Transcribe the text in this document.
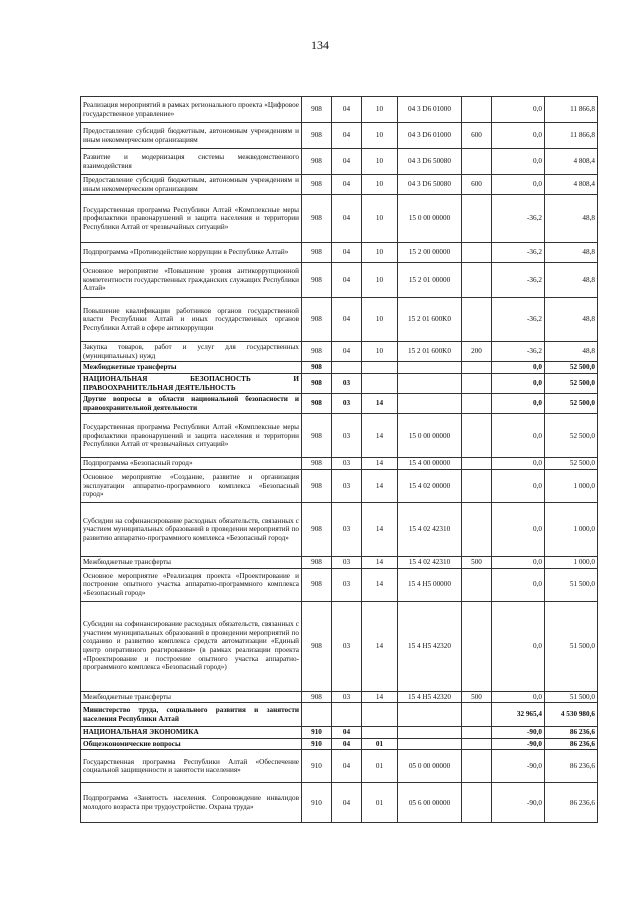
134
Реализация мероприятий в рамках регионального проекта «Цифровое государственное управление»	908	04	10	04 3 D6 01000		0,0	11 866,8
Предоставление субсидий бюджетным, автономным учреждениям и иным некоммерческим организациям	908	04	10	04 3 D6 01000	600	0,0	11 866,8
Развитие и модернизация системы межведомственного взаимодействия	908	04	10	04 3 D6 50080		0,0	4 808,4
Предоставление субсидий бюджетным, автономным учреждениям и иным некоммерческим организациям	908	04	10	04 3 D6 50080	600	0,0	4 808,4
Государственная программа Республики Алтай «Комплексные меры профилактики правонарушений и защита населения и территории Республики Алтай от чрезвычайных ситуаций»	908	04	10	15 0 00 00000		-36,2	48,8
Подпрограмма «Противодействие коррупции в Республике Алтай»	908	04	10	15 2 00 00000		-36,2	48,8
Основное мероприятие «Повышение уровня антикоррупционной компетентности государственных гражданских служащих Республики Алтай»	908	04	10	15 2 01 00000		-36,2	48,8
Повышение квалификации работников органов государственной власти Республики Алтай и иных государственных органов Республики Алтай в сфере антикоррупции	908	04	10	15 2 01 600K0		-36,2	48,8
Закупка товаров, работ и услуг для государственных (муниципальных) нужд	908	04	10	15 2 01 600K0	200	-36,2	48,8
Межбюджетные трансферты	908					0,0	52 500,0
НАЦИОНАЛЬНАЯ БЕЗОПАСНОСТЬ И ПРАВООХРАНИТЕЛЬНАЯ ДЕЯТЕЛЬНОСТЬ	908	03				0,0	52 500,0
Другие вопросы в области национальной безопасности и правоохранительной деятельности	908	03	14			0,0	52 500,0
Государственная программа Республики Алтай «Комплексные меры профилактики правонарушений и защита населения и территории Республики Алтай от чрезвычайных ситуаций»	908	03	14	15 0 00 00000		0,0	52 500,0
Подпрограмма «Безопасный город»	908	03	14	15 4 00 00000		0,0	52 500,0
Основное мероприятие «Создание, развитие и организация эксплуатации аппаратно-программного комплекса «Безопасный город»	908	03	14	15 4 02 00000		0,0	1 000,0
Субсидии на софинансирование расходных обязательств, связанных с участием муниципальных образований в проведении мероприятий по развитию аппаратно-программного комплекса «Безопасный город»	908	03	14	15 4 02 42310		0,0	1 000,0
Межбюджетные трансферты	908	03	14	15 4 02 42310	500	0,0	1 000,0
Основное мероприятие «Реализация проекта «Проектирование и построение опытного участка аппаратно-программного комплекса «Безопасный город»	908	03	14	15 4 H5 00000		0,0	51 500,0
Субсидии на софинансирование расходных обязательств, связанных с участием муниципальных образований в проведении мероприятий по созданию и развитию комплекса средств автоматизации «Единый центр оперативного реагирования» (в рамках реализации проекта «Проектирование и построение опытного участка аппаратно-программного комплекса «Безопасный город»)	908	03	14	15 4 H5 42320		0,0	51 500,0
Межбюджетные трансферты	908	03	14	15 4 H5 42320	500	0,0	51 500,0
Министерство труда, социального развития и занятости населения Республики Алтай						32 965,4	4 530 980,6
НАЦИОНАЛЬНАЯ ЭКОНОМИКА	910	04				-90,0	86 236,6
Общеэкономические вопросы	910	04	01			-90,0	86 236,6
Государственная программа Республики Алтай «Обеспечение социальной защищенности и занятости населения»	910	04	01	05 0 00 00000		-90,0	86 236,6
Подпрограмма «Занятость населения. Сопровождение инвалидов молодого возраста при трудоустройстве. Охрана труда»	910	04	01	05 6 00 00000		-90,0	86 236,6
